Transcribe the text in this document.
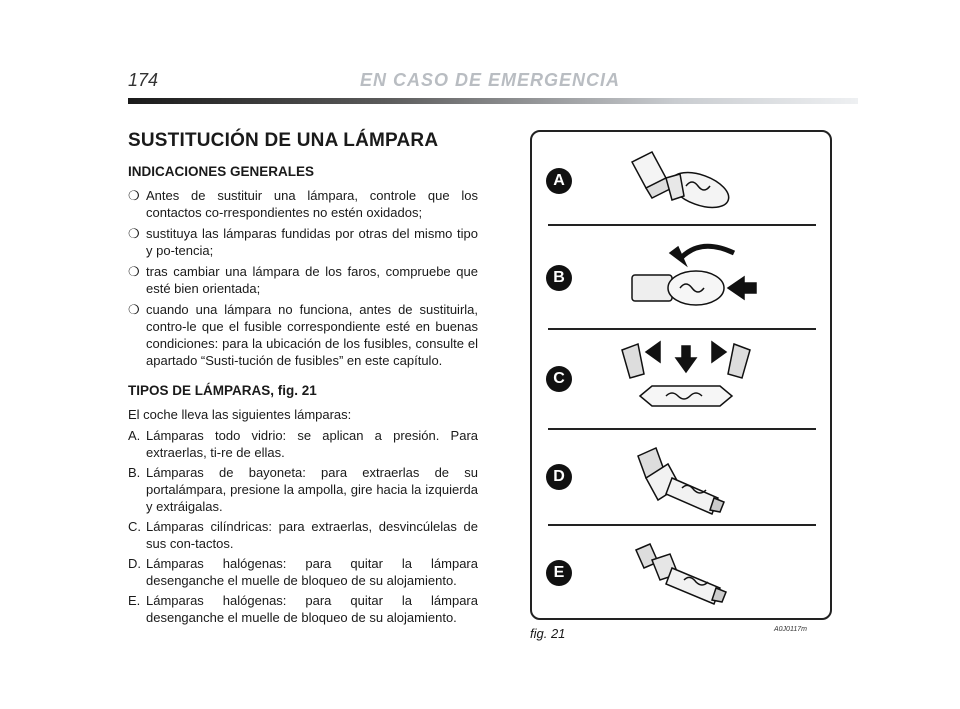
174	EN CASO DE EMERGENCIA
SUSTITUCIÓN DE UNA LÁMPARA
INDICACIONES GENERALES
❍ Antes de sustituir una lámpara, controle que los contactos co-rrespondientes no estén oxidados;
❍ sustituya las lámparas fundidas por otras del mismo tipo y po-tencia;
❍ tras cambiar una lámpara de los faros, compruebe que esté bien orientada;
❍ cuando una lámpara no funciona, antes de sustituirla, contro-le que el fusible correspondiente esté en buenas condiciones: para la ubicación de los fusibles, consulte el apartado “Susti-tución de fusibles” en este capítulo.
TIPOS DE LÁMPARAS, fig. 21

El coche lleva las siguientes lámparas:

A. Lámparas todo vidrio: se aplican a presión. Para extraerlas, ti-re de ellas.
B. Lámparas de bayoneta: para extraerlas de su portalámpara, presione la ampolla, gire hacia la izquierda y extráigalas.
C. Lámparas cilíndricas: para extraerlas, desvincúlelas de sus con-tactos.
D. Lámparas halógenas: para quitar la lámpara desenganche el muelle de bloqueo de su alojamiento.
E. Lámparas halógenas: para quitar la lámpara desenganche el muelle de bloqueo de su alojamiento.
A
B
C
D
E
fig. 21	A0J0117m
